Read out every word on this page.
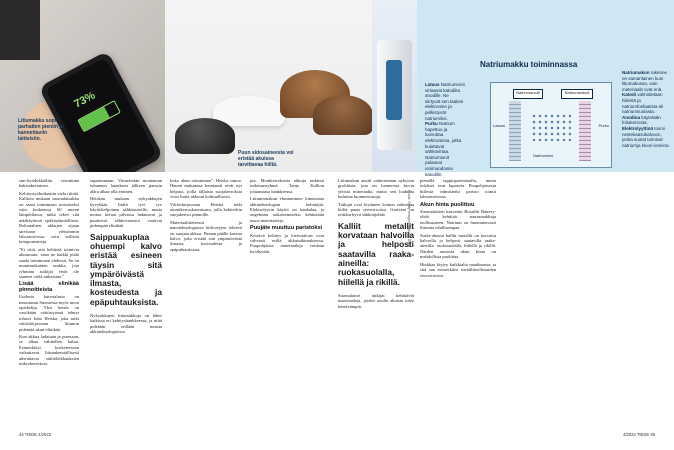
73%
Litiumakku sopii parhaiten pieniin ja kannettaviin laitteisiin.
Puun sidosaineesta voi eristää akuissa tarvittavaa hiiltä.
Natriumakku toiminnassa
Lataus Natriumionit virtaavat katodilta anodille. Ne siirtyvät sen taakse elektronien ja pelkistyvät natriumiksi.
Purku Natrium hapettuu ja luovuttaa elektroninsa, jotka kuluttavat sähkövirtaa. Natriumionit palaavat ionimuodossa katodille.
Natriumanodi	Natriumkatodi
Lataus	Purku
Natriumioni
Natriumakun rakenne on samanlainen kuin litiumakussa, vain materiaalit ovat eriä.
Katodi valmistetaan hiilestä ja natriumfosfaatista eli natriumsuolasta.
Anodina käytetään foliokerrosta.
Elektrolyyttinä toimii nestekaasukalvoon, jonka suolat toimivat natriumja kloori-ioneina.

sim-hyödykkäiliin verrattuna kaksinkertainen.

Kehitystyöhuikeniin viela riittää. Kalliom mukaan suomalaisakku on saatu toimimaan toistaiseksi vain korkeassa 60 asteen lämpötilassa, mikä tekee sitä arkikäytössä epäkäytännöllisen. Rokonaliten akkujen sijaan tarvitaan yleisimmin laboratoriossa vain erillisiä komponentteja.

”Ei riitä, että kehittää toimivia akunosaia, vaan ne kaikki pitää saada toimimaan yhdessä. Se on monimutkainen urakka, jota ryhmäm tutkijat eivät ole saaneet vielä ratkaistua.”

Lisää elinikää pinnoitteista

Uudesta kasvualasta on innostunut Suomessa myös moni opiskelija. Yksi heistä on vastikään väitöstyönsä tehnyt tohtori Juho Heiska, joka tutki väitöskirjassaan litiumin pidentää akun elinikää.

Kun akkua ladataan ja puretaan, se alkaa vähitellen kulua. Esimerkiksi kosketeeseen vaikuttavat litiumkemiallisesti aiheuttavat säiliöleikkauksien mikrokerroksia.

rapautumaan. Viimeisiään muutaman tuhannen latauksen jälkeen parasin akku alkaa olla entinen.

Heiskan mukaan nykyakkujen kyvykkäs lisätä tyvi tyv käyttökelpoinen sähköautoille, mutta monta kertaa pilvassa ladattavat ja puuttuvat sähkövarastot vaativat pidempää elinikää.

Saippuakuplaa ohuempi kalvo eristää esineen täysin sitä ympäröivästä ilmasta, kosteudesta ja epäpuhtauksista.

Nykyakkujen litiumakkuja on lähes kaikissa eri kehityshankkeessa, ja niitä pidetään erillään muista akkuteknologioista.

koko akun toimintaan”, Heiska sanoo. Hänen mukaansa kemiantit eivät nyt helpota, joilla tällaisia suojakerroksia voisi lisätä akkuun kohtuullisesti.

Väitöskirjassaan Heiska tutki atomikerroskasvatusta, jolla kehitettiin suojakerros pinnoille.

Materiaalitieteessä ja nanoteknologiassa hiilivetyjen tehtävä on suojata akkua. Pinnan päälle kasvaa kalvo, joka eristää sitä ympäröivästä ilmasta, kosteudesta ja epäpuhtauksista.

pia. Monikerroksisia akkuja tutkinut tutkimusryhmä Tanja Kallion johtamassa hankkeessa.

Litiumionakun ehostaminen kiinnostaa akkuteknologian kehittäjiä. Elektrolyytin käyttö on hankalaa, ja ongelman ratkaisemiseksi kehitetään uusia materiaaleja.

Puujäte muuttuu paristoksi

Kestävä kehitys ja kiertotalous ovat vahvasti esillä akkututkimuksessa. Puupohjaisia materiaaleja voidaan hyödyntää.

Kuvat: Getty Images / Daniela Roos

Litiumakun anodi valmistetaan nykyisin grafiitista, jota on luonnossa hyvin yleistä mineraalia, mutta sen louhinta kuluttaa luonnonvaroja.

Tutkijat ovat löytäneet keinon valmistaa hiiltä puun sivuvirroista. Grafeeni on erittäin hyvä sähkönjohde.

Kalliit metallit korvataan halvoilla ja helposti saatavilla raaka-aineilla: ruokasuolalla, hiilellä ja rikillä.

Suomalaiset tutkijat kehittävät materiaaleja, joiden avulla akuista tulee kestävämpiä.

pienellä tappiopotentiaalla, mutta tulokset ovat lupaavia. Puupohjaisesta hiilestä valmistettu paristo toimii laboratoriossa.

Akun hinta puolittuu

Suomalaisten kasvaitut Broadfit Battery-yhtiö kehittää natriumakkuja teollisuuteen. Natrium on huomattavasti litiumia edullisempaa.

Suola-akussa kalliit metallit on korvattu halvoilla ja helposti saatavilla raaka-aineilla: ruokasuolalla, hiilellä ja rikillä. Näiden ansiosta akun hinta on mahdollista puolittaa.

Hiekkaa löytyy kaikkialta maailmasta, ja sitä saa esimerkiksi metalliteollisuuden sivuvirroista.

44 TIEDE 4/2022	4/2022 TIEDE 45
